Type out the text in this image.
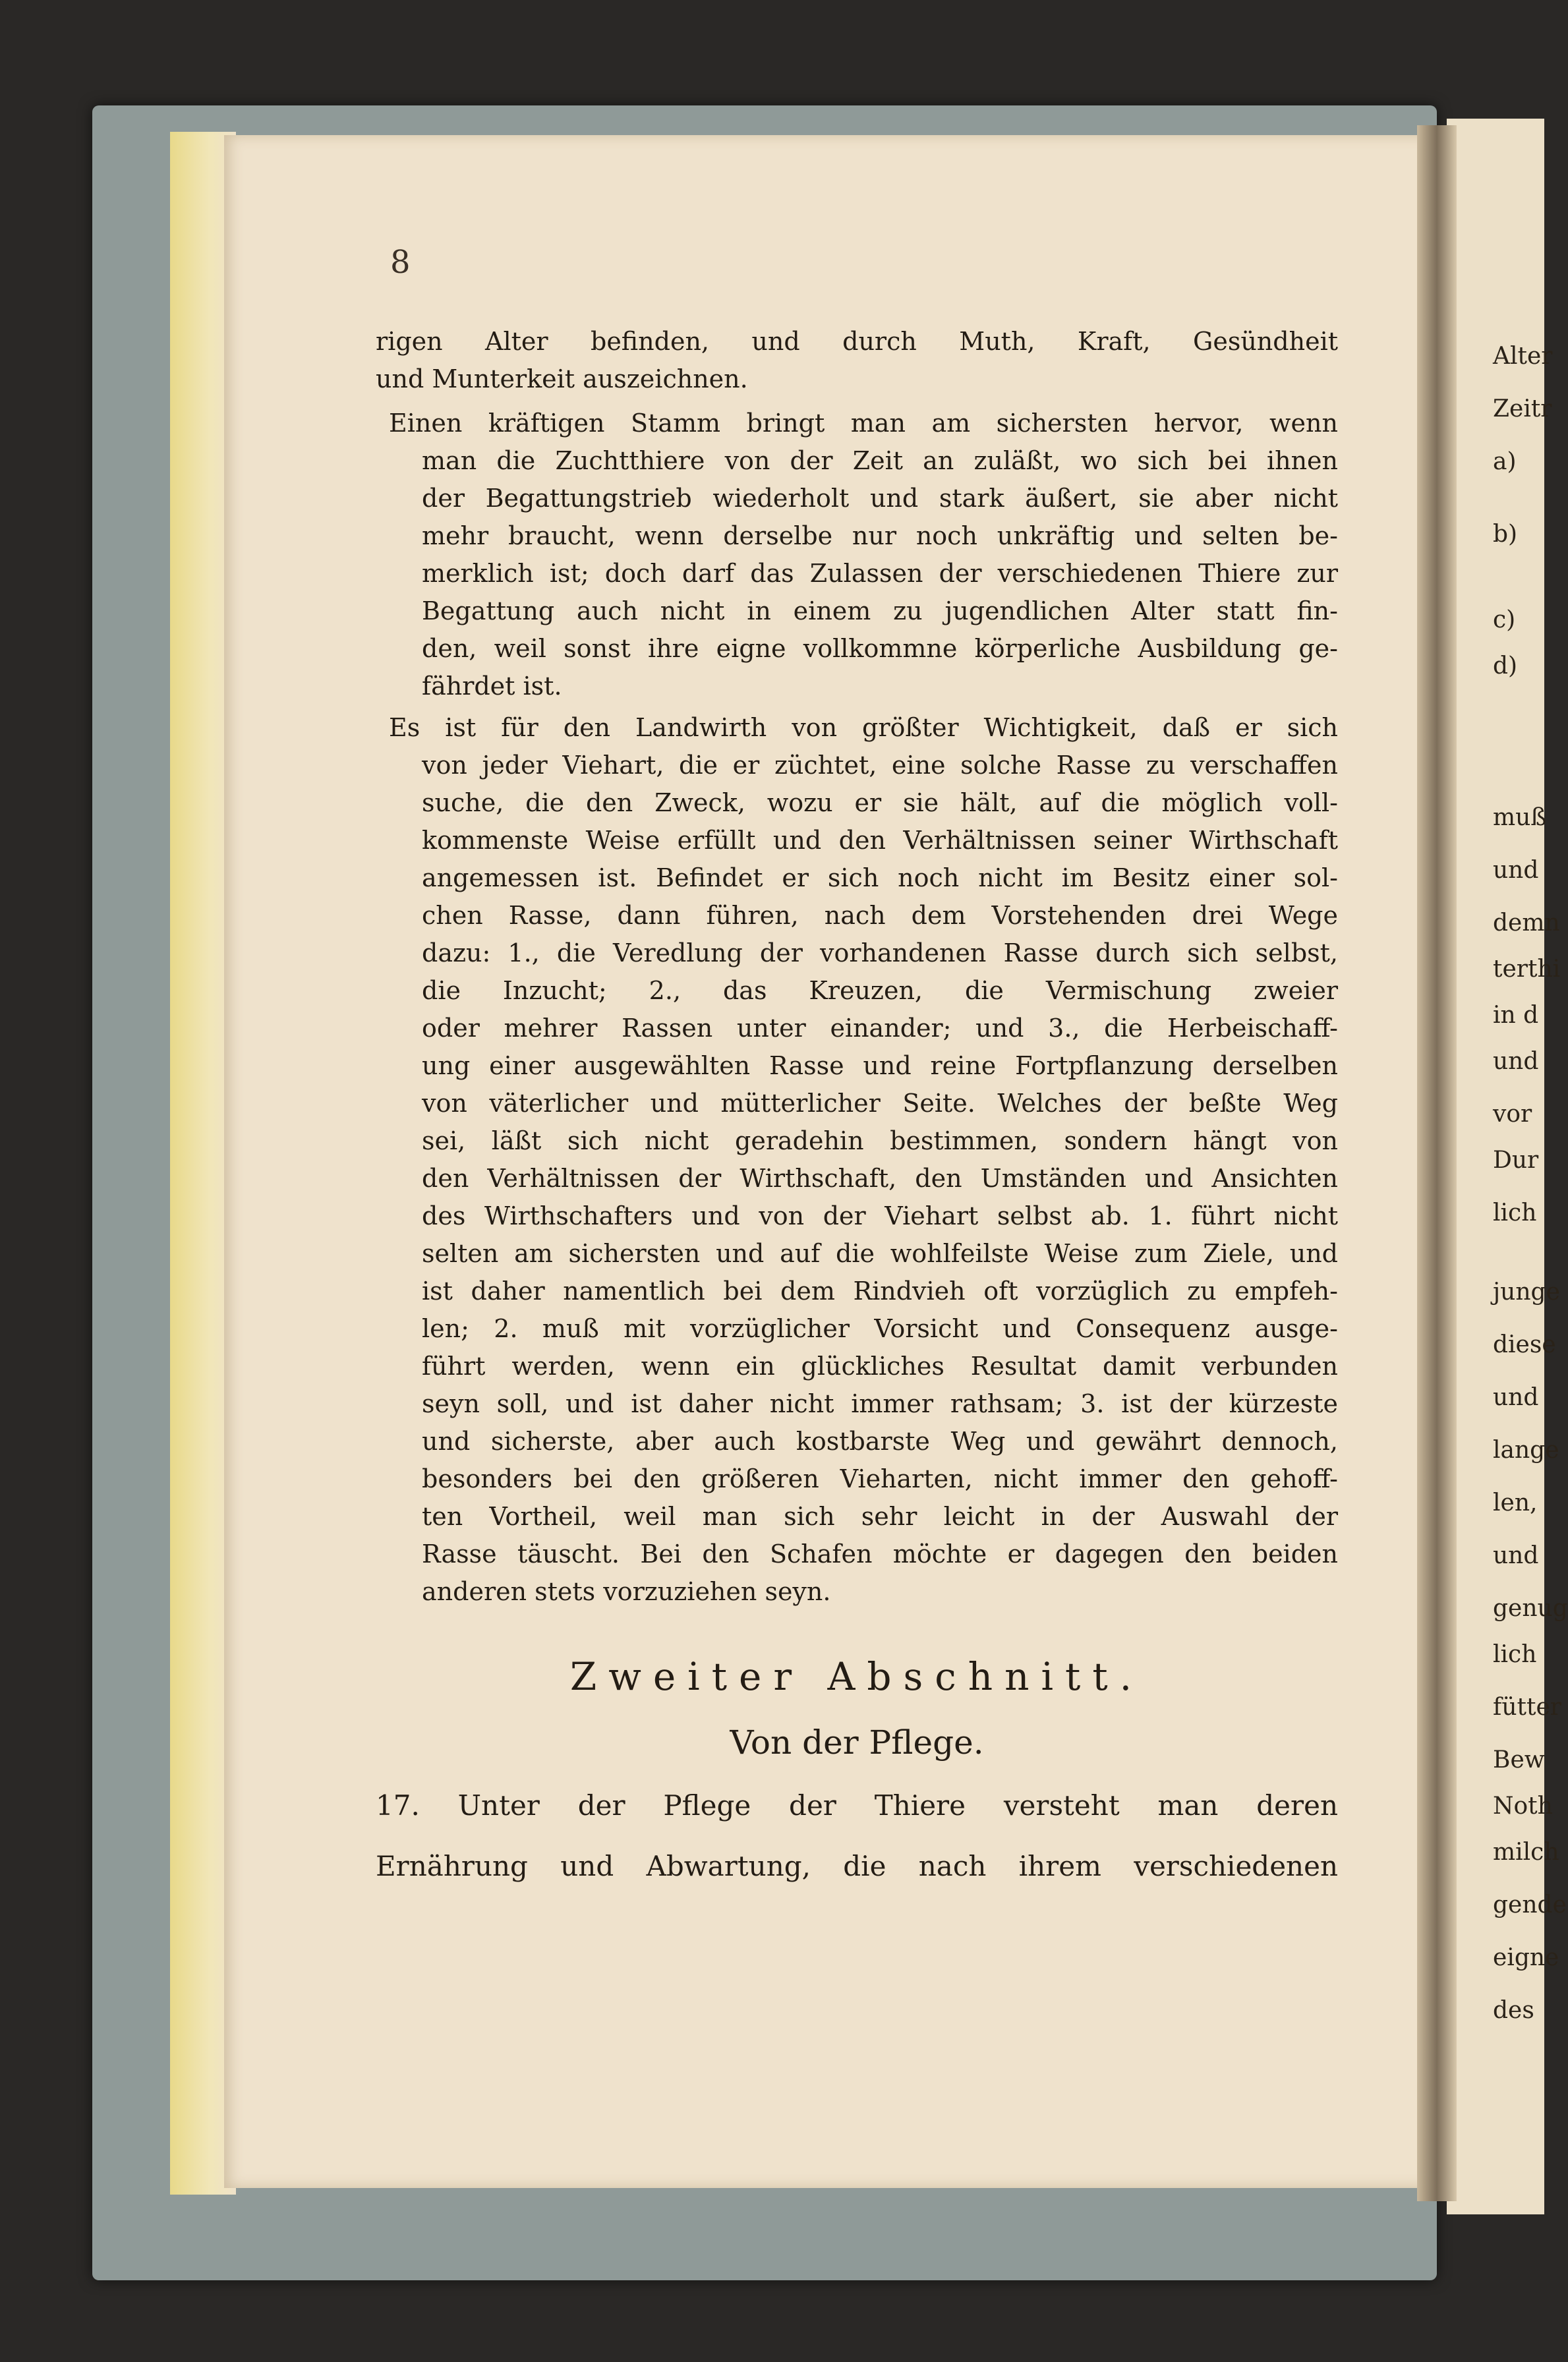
Alter
Zeitr
a)
b)
c)
d)
muß
und
demn
terthi
in d
und
vor
Dur
lich
junge
diese
und
lange
len,
und
genug
lich
fütter
Bew
Noth
milch
gende
eigne
des
8
rigen Alter befinden, und durch Muth, Kraft, Gesündheit
und Munterkeit auszeichnen.
Einen kräftigen Stamm bringt man am sichersten hervor, wenn
man die Zuchtthiere von der Zeit an zuläßt, wo sich bei ihnen
der Begattungstrieb wiederholt und stark äußert, sie aber nicht
mehr braucht, wenn derselbe nur noch unkräftig und selten be-
merklich ist; doch darf das Zulassen der verschiedenen Thiere zur
Begattung auch nicht in einem zu jugendlichen Alter statt fin-
den, weil sonst ihre eigne vollkommne körperliche Ausbildung ge-
fährdet ist.
Es ist für den Landwirth von größter Wichtigkeit, daß er sich
von jeder Viehart, die er züchtet, eine solche Rasse zu verschaffen
suche, die den Zweck, wozu er sie hält, auf die möglich voll-
kommenste Weise erfüllt und den Verhältnissen seiner Wirthschaft
angemessen ist. Befindet er sich noch nicht im Besitz einer sol-
chen Rasse, dann führen, nach dem Vorstehenden drei Wege
dazu: 1., die Veredlung der vorhandenen Rasse durch sich selbst,
die Inzucht; 2., das Kreuzen, die Vermischung zweier
oder mehrer Rassen unter einander; und 3., die Herbeischaff-
ung einer ausgewählten Rasse und reine Fortpflanzung derselben
von väterlicher und mütterlicher Seite. Welches der beßte Weg
sei, läßt sich nicht geradehin bestimmen, sondern hängt von
den Verhältnissen der Wirthschaft, den Umständen und Ansichten
des Wirthschafters und von der Viehart selbst ab. 1. führt nicht
selten am sichersten und auf die wohlfeilste Weise zum Ziele, und
ist daher namentlich bei dem Rindvieh oft vorzüglich zu empfeh-
len; 2. muß mit vorzüglicher Vorsicht und Consequenz ausge-
führt werden, wenn ein glückliches Resultat damit verbunden
seyn soll, und ist daher nicht immer rathsam; 3. ist der kürzeste
und sicherste, aber auch kostbarste Weg und gewährt dennoch,
besonders bei den größeren Vieharten, nicht immer den gehoff-
ten Vortheil, weil man sich sehr leicht in der Auswahl der
Rasse täuscht. Bei den Schafen möchte er dagegen den beiden
anderen stets vorzuziehen seyn.
Zweiter Abschnitt.
Von der Pflege.
17. Unter der Pflege der Thiere versteht man deren
Ernährung und Abwartung, die nach ihrem verschiedenen
